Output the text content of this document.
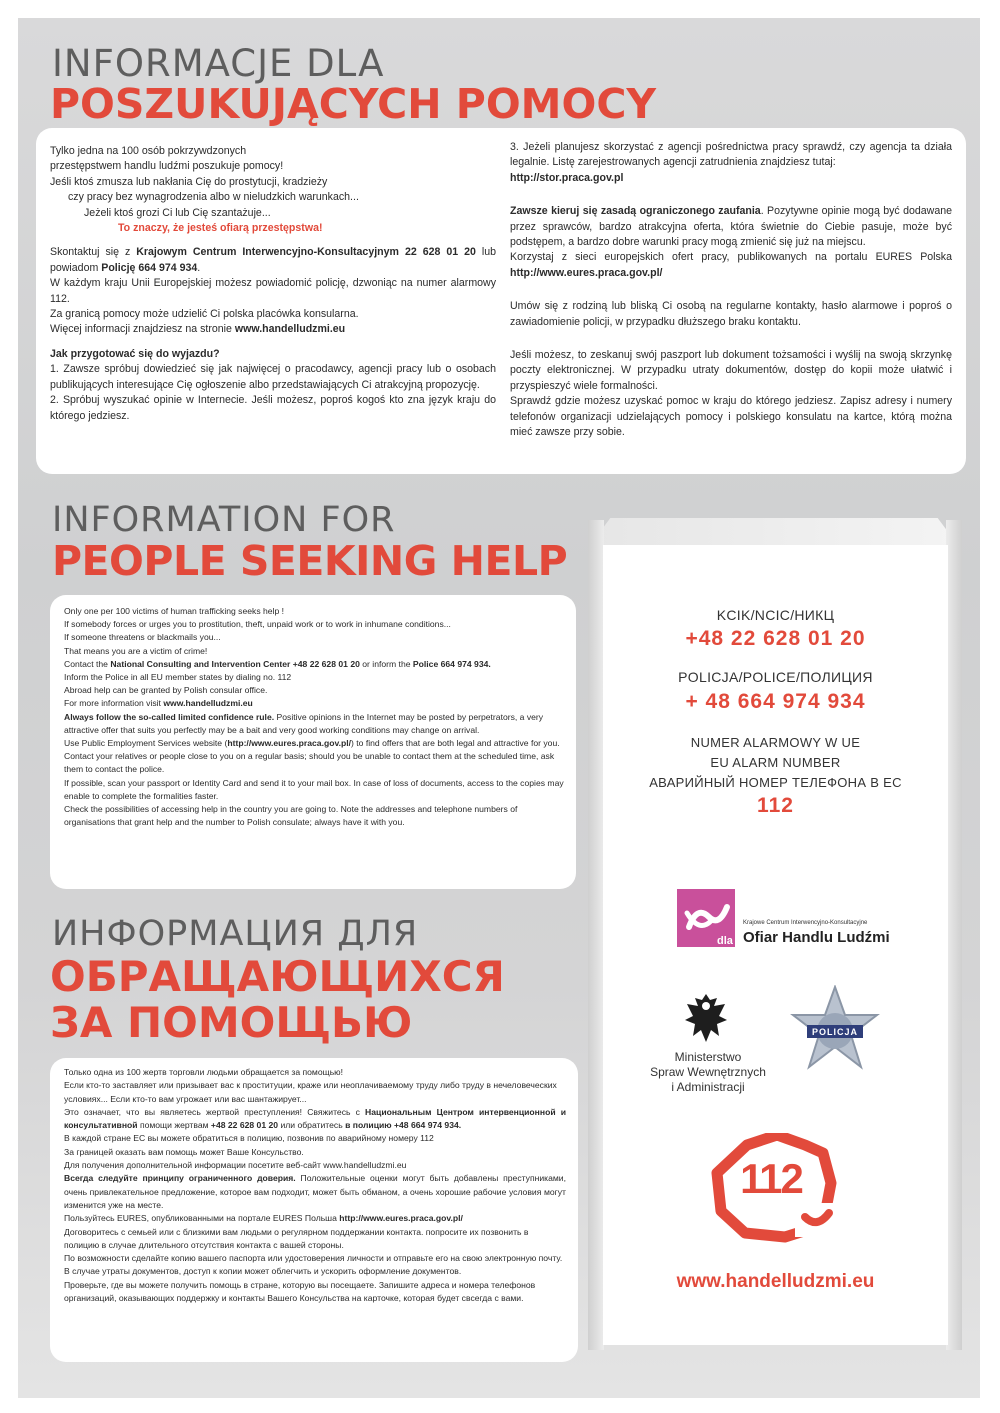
INFORMACJE DLA
POSZUKUJĄCYCH POMOCY

Tylko jedna na 100 osób pokrzywdzonych

przestępstwem handlu ludźmi poszukuje pomocy!

Jeśli ktoś zmusza lub nakłania Cię do prostytucji, kradzieży

czy pracy bez wynagrodzenia albo w nieludzkich warunkach...

Jeżeli ktoś grozi Ci lub Cię szantażuje...

To znaczy, że jesteś ofiarą przestępstwa!

Skontaktuj się z Krajowym Centrum Interwencyjno-Konsultacyjnym 22 628 01 20 lub powiadom Policję 664 974 934.

W każdym kraju Unii Europejskiej możesz powiadomić policję, dzwoniąc na numer alarmowy 112.

Za granicą pomocy może udzielić Ci polska placówka konsularna.

Więcej informacji znajdziesz na stronie www.handelludzmi.eu

Jak przygotować się do wyjazdu?

1. Zawsze spróbuj dowiedzieć się jak najwięcej o pracodawcy, agencji pracy lub o osobach publikujących interesujące Cię ogłoszenie albo przedstawiających Ci atrakcyjną propozycję.

2. Spróbuj wyszukać opinie w Internecie. Jeśli możesz, poproś kogoś kto zna język kraju do którego jedziesz.

3. Jeżeli planujesz skorzystać z agencji pośrednictwa pracy sprawdź, czy agencja ta działa legalnie. Listę zarejestrowanych agencji zatrudnienia znajdziesz tutaj:

http://stor.praca.gov.pl

Zawsze kieruj się zasadą ograniczonego zaufania. Pozytywne opinie mogą być dodawane przez sprawców, bardzo atrakcyjna oferta, która świetnie do Ciebie pasuje, może być podstępem, a bardzo dobre warunki pracy mogą zmienić się już na miejscu.

Korzystaj z sieci europejskich ofert pracy, publikowanych na portalu EURES Polska http://www.eures.praca.gov.pl/

Umów się z rodziną lub bliską Ci osobą na regularne kontakty, hasło alarmowe i poproś o zawiadomienie policji, w przypadku dłuższego braku kontaktu.

Jeśli możesz, to zeskanuj swój paszport lub dokument tożsamości i wyślij na swoją skrzynkę poczty elektronicznej. W przypadku utraty dokumentów, dostęp do kopii może ułatwić i przyspieszyć wiele formalności.

Sprawdź gdzie możesz uzyskać pomoc w kraju do którego jedziesz. Zapisz adresy i numery telefonów organizacji udzielających pomocy i polskiego konsulatu na kartce, którą można mieć zawsze przy sobie.

KCIK/NCIC/НИКЦ
+48 22 628 01 20
POLICJA/POLICE/ПОЛИЦИЯ
+ 48 664 974 934
NUMER ALARMOWY W UE
EU ALARM NUMBER
АВАРИЙНЫЙ НОМЕР ТЕЛЕФОНА В ЕС
112
dla
Krajowe Centrum Interwencyjno-Konsultacyjne
Ofiar Handlu Ludźmi
Ministerstwo
Spraw Wewnętrznych
i Administracji
POLICJA
112
www.handelludzmi.eu
INFORMATION FOR
PEOPLE SEEKING HELP

Only one per 100 victims of human trafficking seeks help !

If somebody forces or urges you to prostitution, theft, unpaid work or to work in inhumane conditions...

If someone threatens or blackmails you...

That means you are a victim of crime!

Contact the National Consulting and Intervention Center +48 22 628 01 20 or inform the Police 664 974 934.

Inform the Police in all EU member states by dialing no. 112

Abroad help can be granted by Polish consular office.

For more information visit www.handelludzmi.eu

Always follow the so-called limited confidence rule. Positive opinions in the Internet may be posted by perpetrators, a very attractive offer that suits you perfectly may be a bait and very good working conditions may change on arrival.

Use Public Employment Services website (http://www.eures.praca.gov.pl/) to find offers that are both legal and attractive for you.

Contact your relatives or people close to you on a regular basis; should you be unable to contact them at the scheduled time, ask them to contact the police.

If possible, scan your passport or Identity Card and send it to your mail box. In case of loss of documents, access to the copies may enable to complete the formalities faster.

Check the possibilities of accessing help in the country you are going to. Note the addresses and telephone numbers of organisations that grant help and the number to Polish consulate; always have it with you.

ИНФОРМАЦИЯ ДЛЯ
ОБРАЩАЮЩИХСЯ
ЗА ПОМОЩЬЮ

Только одна из 100 жертв торговли людьми обращается за помощью!

Если кто-то заставляет или призывает вас к проституции, краже или неоплачиваемому труду либо труду в нечеловеческих условиях... Если кто-то вам угрожает или вас шантажирует...

Это означает, что вы являетесь жертвой преступления! Свяжитесь с Национальным Центром интервенционной и консультативной помощи жертвам +48 22 628 01 20 или обратитесь в полицию +48 664 974 934.

В каждой стране ЕС вы можете обратиться в полицию, позвонив по аварийному номеру 112

За границей оказать вам помощь может Ваше Консульство.

Для получения дополнительной информации посетите веб-сайт www.handelludzmi.eu

Всегда следуйте принципу ограниченного доверия. Положительные оценки могут быть добавлены преступниками, очень привлекательное предложение, которое вам подходит, может быть обманом, а очень хорошие рабочие условия могут изменится уже на месте.

Пользуйтесь EURES, опубликованными на портале EURES Польша http://www.eures.praca.gov.pl/

Договоритесь с семьей или с близкими вам людьми о регулярном поддержании контакта. попросите их позвонить в полицию в случае длительного отсутствия контакта с вашей стороны.

По возможности сделайте копию вашего паспорта или удостоверения личности и отправьте его на свою электронную почту. В случае утраты документов, доступ к копии может облегчить и ускорить оформление документов.

Проверьте, где вы можете получить помощь в стране, которую вы посещаете. Запишите адреса и номера телефонов организаций, оказывающих поддержку и контакты Вашего Консульства на карточке, которая будет свсегда с вами.
